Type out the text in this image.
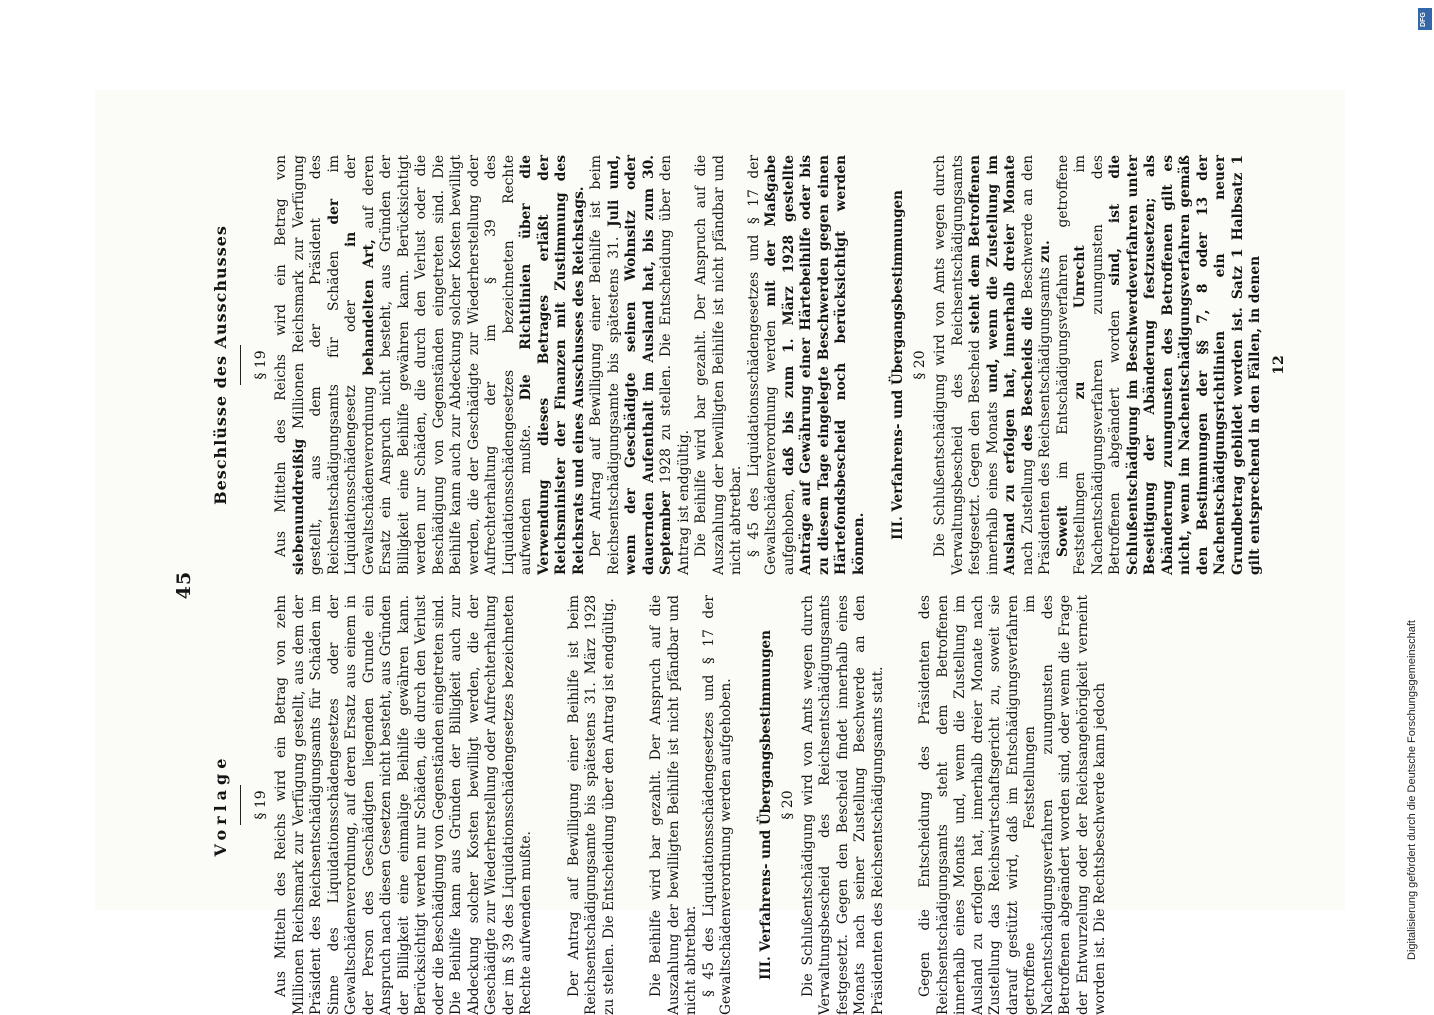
45
Vorlage § 19 Aus Mitteln des Reichs wird ein Betrag von zehn Millionen Reichsmark zur Verfügung gestellt, aus dem der Präsident des Reichsentschädigungsamts für Schäden im Sinne des Liquidationsschädengesetzes oder der Gewaltschädenverordnung, auf deren Ersatz aus einem in der Person des Geschädigten liegenden Grunde ein Anspruch nach diesen Gesetzen nicht besteht, aus Gründen der Billigkeit eine einmalige Beihilfe gewähren kann. Berücksichtigt werden nur Schäden, die durch den Verlust oder die Beschädigung von Gegenständen eingetreten sind. Die Beihilfe kann aus Gründen der Billigkeit auch zur Abdeckung solcher Kosten bewilligt werden, die der Geschädigte zur Wiederherstellung oder Aufrechterhaltung der im § 39 des Liquidationsschädengesetzes bezeichneten Rechte aufwenden mußte. Der Antrag auf Bewilligung einer Beihilfe ist beim Reichsentschädigungsamte bis spätestens 31. März 1928 zu stellen. Die Entscheidung über den Antrag ist endgültig. Die Beihilfe wird bar gezahlt. Der Anspruch auf die Auszahlung der bewilligten Beihilfe ist nicht pfändbar und nicht abtretbar. § 45 des Liquidationsschädengesetzes und § 17 der Gewaltschädenverordnung werden aufgehoben. III. Verfahrens- und Übergangsbestimmungen § 20 Die Schlußentschädigung wird von Amts wegen durch Verwaltungsbescheid des Reichsentschädigungsamts festgesetzt. Gegen den Bescheid findet innerhalb eines Monats nach seiner Zustellung Beschwerde an den Präsidenten des Reichsentschädigungsamts statt. Gegen die Entscheidung des Präsidenten des Reichsentschädigungsamts steht dem Betroffenen innerhalb eines Monats und, wenn die Zustellung im Ausland zu erfolgen hat, innerhalb dreier Monate nach Zustellung das Reichswirtschaftsgericht zu, soweit sie darauf gestützt wird, daß im Entschädigungsverfahren getroffene Feststellungen im Nachentschädigungsverfahren zuungunsten des Betroffenen abgeändert worden sind, oder wenn die Frage der Entwurzelung oder der Reichsangehörigkeit verneint worden ist. Die Rechtsbeschwerde kann jedoch

Beschlüsse des Ausschusses § 19 Aus Mitteln des Reichs wird ein Betrag von siebenunddreißig Millionen Reichsmark zur Verfügung gestellt, aus dem der Präsident des Reichsentschädigungsamts für Schäden der im Liquidationsschädengesetz oder in der Gewaltschädenverordnung behandelten Art, auf deren Ersatz ein Anspruch nicht besteht, aus Gründen der Billigkeit eine Beihilfe gewähren kann. Berücksichtigt werden nur Schäden, die durch den Verlust oder die Beschädigung von Gegenständen eingetreten sind. Die Beihilfe kann auch zur Abdeckung solcher Kosten bewilligt werden, die der Geschädigte zur Wiederherstellung oder Aufrechterhaltung der im § 39 des Liquidationsschädengesetzes bezeichneten Rechte aufwenden mußte. Die Richtlinien über die Verwendung dieses Betrages erläßt der Reichsminister der Finanzen mit Zustimmung des Reichsrats und eines Ausschusses des Reichstags. Der Antrag auf Bewilligung einer Beihilfe ist beim Reichsentschädigungsamte bis spätestens 31. Juli und, wenn der Geschädigte seinen Wohnsitz oder dauernden Aufenthalt im Ausland hat, bis zum 30. September 1928 zu stellen. Die Entscheidung über den Antrag ist endgültig. Die Beihilfe wird bar gezahlt. Der Anspruch auf die Auszahlung der bewilligten Beihilfe ist nicht pfändbar und nicht abtretbar. § 45 des Liquidationsschädengesetzes und § 17 der Gewaltschädenverordnung werden mit der Maßgabe aufgehoben, daß bis zum 1. März 1928 gestellte Anträge auf Gewährung einer Härtebeihilfe oder bis zu diesem Tage eingelegte Beschwerden gegen einen Härtefondsbescheid noch berücksichtigt werden können.

III. Verfahrens- und Übergangsbestimmungen § 20 Die Schlußentschädigung wird von Amts wegen durch Verwaltungsbescheid des Reichsentschädigungsamts festgesetzt. Gegen den Bescheid steht dem Betroffenen innerhalb eines Monats und, wenn die Zustellung im Ausland zu erfolgen hat, innerhalb dreier Monate nach Zustellung des Bescheids die Beschwerde an den Präsidenten des Reichsentschädigungsamts zu.

Soweit im Entschädigungsverfahren getroffene Feststellungen zu Unrecht im Nachentschädigungsverfahren zuungunsten des Betroffenen abgeändert worden sind, ist die Schlußentschädigung im Beschwerdeverfahren unter Beseitigung der Abänderung festzusetzen; als Abänderung zuungunsten des Betroffenen gilt es nicht, wenn im Nachentschädigungsverfahren gemäß den Bestimmungen der §§ 7, 8 oder 13 der Nachentschädigungsrichtlinien ein neuer Grundbetrag gebildet worden ist. Satz 1 Halbsatz 1 gilt entsprechend in den Fällen, in denen 12
Digitalisierung gefördert durch die Deutsche Forschungsgemeinschaft
DFG
